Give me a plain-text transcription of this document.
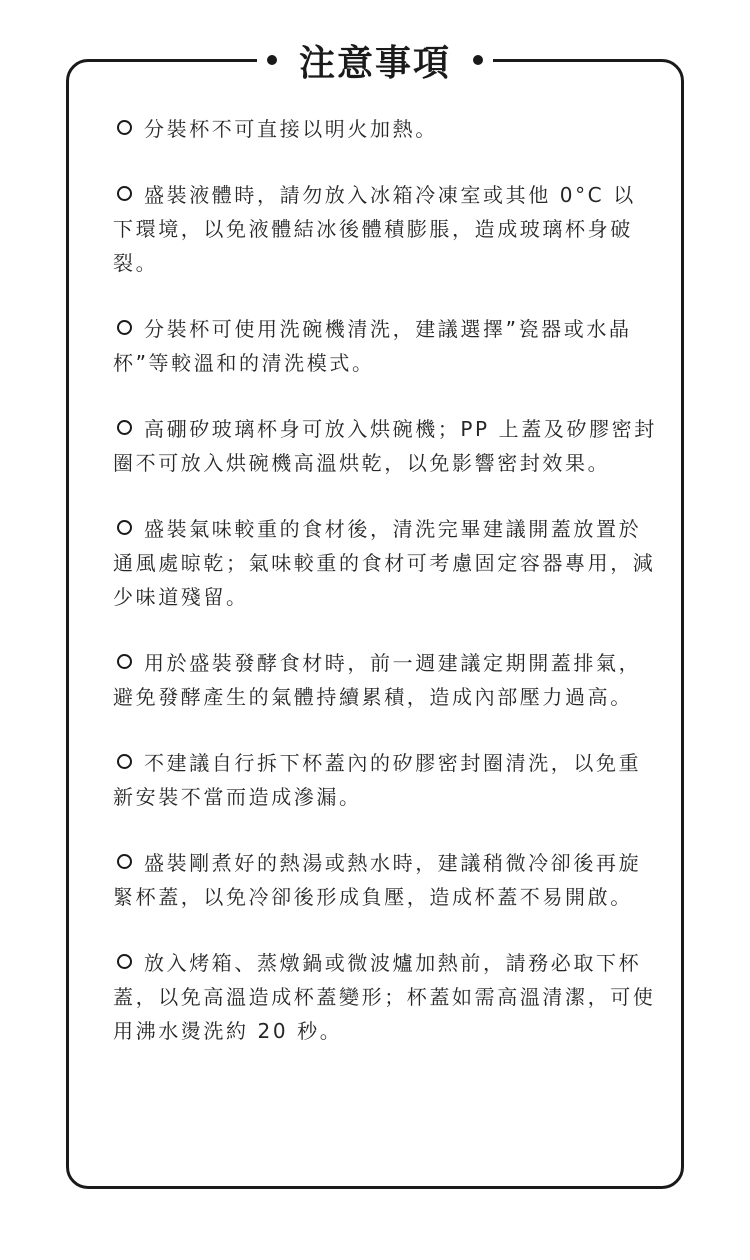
注意事項

分裝杯不可直接以明火加熱。

盛裝液體時，請勿放入冰箱冷凍室或其他 0°C 以下環境，以免液體結冰後體積膨脹，造成玻璃杯身破裂。

分裝杯可使用洗碗機清洗，建議選擇”瓷器或水晶杯”等較溫和的清洗模式。

高硼矽玻璃杯身可放入烘碗機；PP 上蓋及矽膠密封圈不可放入烘碗機高溫烘乾，以免影響密封效果。

盛裝氣味較重的食材後，清洗完畢建議開蓋放置於通風處晾乾；氣味較重的食材可考慮固定容器專用，減少味道殘留。

用於盛裝發酵食材時，前一週建議定期開蓋排氣，避免發酵產生的氣體持續累積，造成內部壓力過高。

不建議自行拆下杯蓋內的矽膠密封圈清洗，以免重新安裝不當而造成滲漏。

盛裝剛煮好的熱湯或熱水時，建議稍微冷卻後再旋緊杯蓋，以免冷卻後形成負壓，造成杯蓋不易開啟。

放入烤箱、蒸燉鍋或微波爐加熱前，請務必取下杯蓋，以免高溫造成杯蓋變形；杯蓋如需高溫清潔，可使用沸水燙洗約 20 秒。
